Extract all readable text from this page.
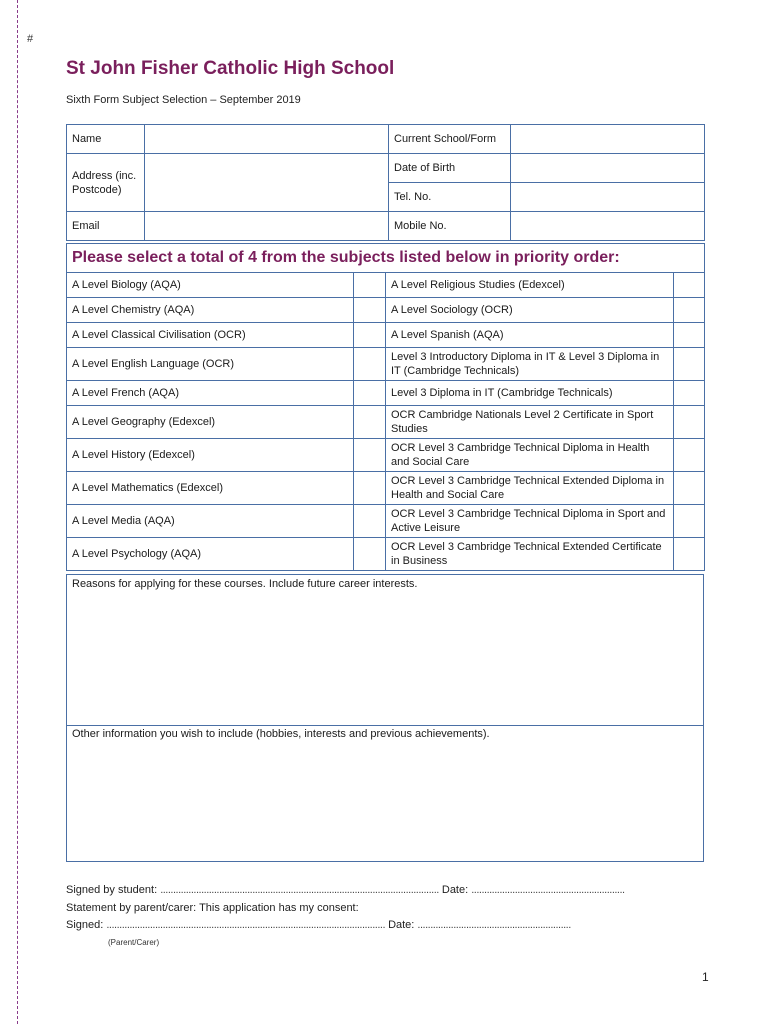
#
St John Fisher Catholic High School
Sixth Form Subject Selection – September 2019
Name		Current School/Form	
Address (inc. Postcode)		Date of Birth	
		Tel. No.	
Email		Mobile No.	
Please select a total of 4 from the subjects listed below in priority order:			
A Level Biology (AQA)		A Level Religious Studies (Edexcel)	
A Level Chemistry (AQA)		A Level Sociology (OCR)	
A Level Classical Civilisation (OCR)		A Level Spanish (AQA)	
A Level English Language (OCR)		Level 3 Introductory Diploma in IT & Level 3 Diploma in IT (Cambridge Technicals)	
A Level French (AQA)		Level 3 Diploma in IT (Cambridge Technicals)	
A Level Geography (Edexcel)		OCR Cambridge Nationals Level 2 Certificate in Sport Studies	
A Level History (Edexcel)		OCR Level 3 Cambridge Technical Diploma in Health and Social Care	
A Level Mathematics (Edexcel)		OCR Level 3 Cambridge Technical Extended Diploma in Health and Social Care	
A Level Media (AQA)		OCR Level 3 Cambridge Technical Diploma in Sport and Active Leisure	
A Level Psychology (AQA)		OCR Level 3 Cambridge Technical Extended Certificate in Business	
Reasons for applying for these courses. Include future career interests.
Other information you wish to include (hobbies, interests and previous achievements).
Signed by student: ............................................................................................................. Date: ............................................................
Statement by parent/carer: This application has my consent:
Signed: ............................................................................................................. Date: ............................................................
(Parent/Carer)
1
